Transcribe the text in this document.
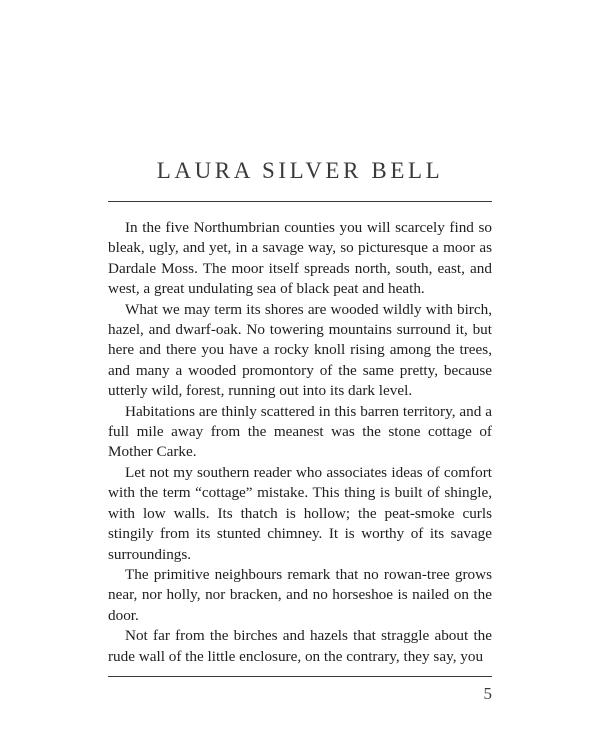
LAURA SILVER BELL

In the five Northumbrian counties you will scarcely find so bleak, ugly, and yet, in a savage way, so picturesque a moor as Dardale Moss. The moor itself spreads north, south, east, and west, a great undulating sea of black peat and heath.

What we may term its shores are wooded wildly with birch, hazel, and dwarf-oak. No towering mountains surround it, but here and there you have a rocky knoll rising among the trees, and many a wooded promontory of the same pretty, because utterly wild, forest, running out into its dark level.

Habitations are thinly scattered in this barren territory, and a full mile away from the meanest was the stone cottage of Mother Carke.

Let not my southern reader who associates ideas of comfort with the term “cottage” mistake. This thing is built of shingle, with low walls. Its thatch is hollow; the peat-smoke curls stingily from its stunted chimney. It is worthy of its savage surroundings.

The primitive neighbours remark that no rowan-tree grows near, nor holly, nor bracken, and no horseshoe is nailed on the door.

Not far from the birches and hazels that straggle about the rude wall of the little enclosure, on the contrary, they say, you

5
